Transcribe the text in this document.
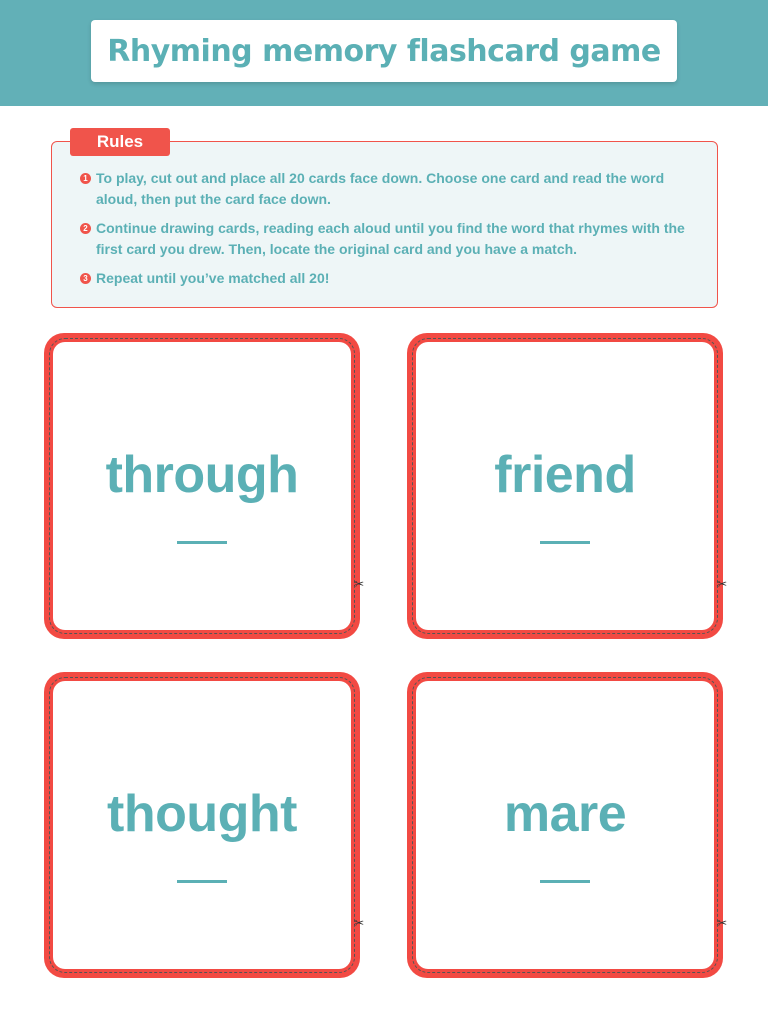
Rhyming memory flashcard game
Rules
1 To play, cut out and place all 20 cards face down. Choose one card and read the word aloud, then put the card face down.
2 Continue drawing cards, reading each aloud until you find the word that rhymes with the first card you drew. Then, locate the original card and you have a match.
3 Repeat until you’ve matched all 20!
through
✂
friend
✂
thought
✂
mare
✂
